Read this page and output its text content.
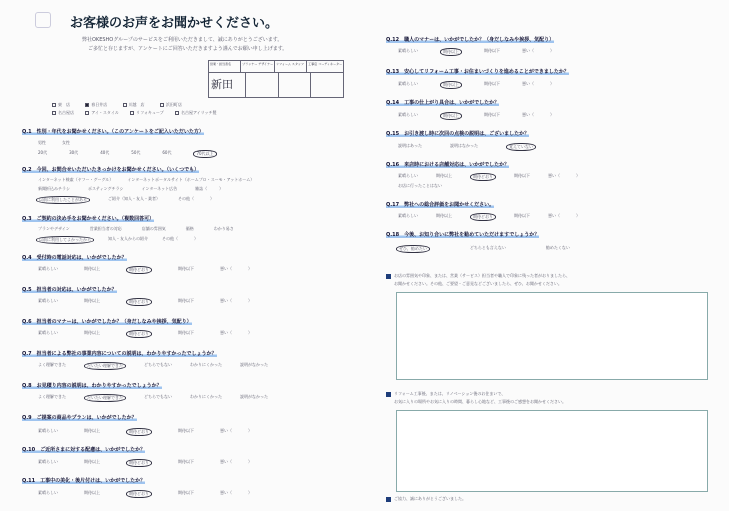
お客様のお声をお聞かせください。
弊社OKESHOグループのサービスをご利用いただきまして、誠にありがとうございます。
ご多忙と存じますが、アンケートにご回答いただきますよう謹んでお願い申し上げます。
営業・担当者名	プランナー デザイナー	リフォーム スタッフ	工事店 コーディネーター
新田
東　店	春日井店	川越　店	浜田町店
名古屋店	アイ・スタイル	リフォキューブ	名古屋アイリッチ製
Q.1　性別・年代をお聞かせください。（このアンケートをご記入いただいた方）
男性	女性
20代	30代	40代	50代	60代	70代以上
Q.2　今回、お問合せいただいたきっかけをお聞かせください。（いくつでも）
インターネット検索（ヤフー・グーグル）	インターネットポータルサイト（ホームプロ・スーモ・アットホーム）
新聞折込みチラシ	ポスティングチラシ	インターネット広告	雑誌（　　　）
以前に利用したことがある	ご紹介（知人・友人・業者）	その他（　　　　）
Q.3　ご契約の決め手をお聞かせください。（複数回答可）
プランやデザイン	営業担当者の対応	店舗の雰囲気	価格	わかり易さ
以前に利用してよかったから	知人・友人からの紹介	その他（　　　　）
Q.4　受付時の電話対応は、いかがでしたか？
素晴らしい	期待以上	期待どおり	期待以下	悪い（　　　　）
Q.5　担当者の対応は、いかがでしたか？
素晴らしい	期待以上	期待どおり	期待以下	悪い（　　　　）
Q.6　担当者のマナーは、いかがでしたか？（身だしなみや挨拶、気配り）
素晴らしい	期待以上	期待どおり	期待以下	悪い（　　　　）
Q.7　担当者による弊社の事業内容についての説明は、わかりやすかったでしょうか？
よく理解できた	だいたい理解できた	どちらでもない	わかりにくかった	説明がなかった
Q.8　お見積り内容の説明は、わかりやすかったでしょうか？
よく理解できた	だいたい理解できた	どちらでもない	わかりにくかった	説明がなかった
Q.9　ご提案の商品やプランは、いかがでしたか？
素晴らしい	期待以上	期待どおり	期待以下	悪い（　　　　）
Q.10　ご近所さまに対する配慮は、いかがでしたか？
素晴らしい	期待以上	期待どおり	期待以下	悪い（　　　　）
Q.11　工事中の美化・後片付けは、いかがでしたか？
素晴らしい	期待以上	期待どおり	期待以下	悪い（　　　　）
Q.12　職人のマナーは、いかがでしたか？（身だしなみや挨拶、気配り）
素晴らしい	期待以上	期待以下	悪い（　　　　）
Q.13　安心してリフォーム工事・お住まいづくりを進めることができましたか？
素晴らしい	期待以上	期待以下	悪い（　　　　）
Q.14　工事の仕上がり具合は、いかがでしたか？
素晴らしい	期待以上	期待以下	悪い（　　　　）
Q.15　お引き渡し時に次回の点検の説明は、ございましたか？
説明はあった	説明はなかった	覚えていない
Q.16　来店時における店舗対応は、いかがでしたか？
素晴らしい	期待以上	期待どおり	期待以下	悪い（　　　　）
お店に行ったことはない
Q.17　弊社への総合評価をお聞かせください。
素晴らしい	期待以上	期待どおり	期待以下	悪い（　　　　）
Q.18　今後、お知り合いに弊社を勧めていただけますでしょうか？
ぜひ、勧めたい	どちらとも言えない	勧めたくない
お店の雰囲気や印象、または、営業（サービス）担当者や職人で印象に残った者がおりましたら、
お聞かせください。その他、ご要望・ご意見などございましたら、ぜひ、お聞かせください。
リフォーム工事後、または、リノベーション後のお住まいで、
お気に入りの場所やお気に入りの時間、暮らし心地など、工事後のご感想をお聞かせください。
ご協力、誠にありがとうございました。
